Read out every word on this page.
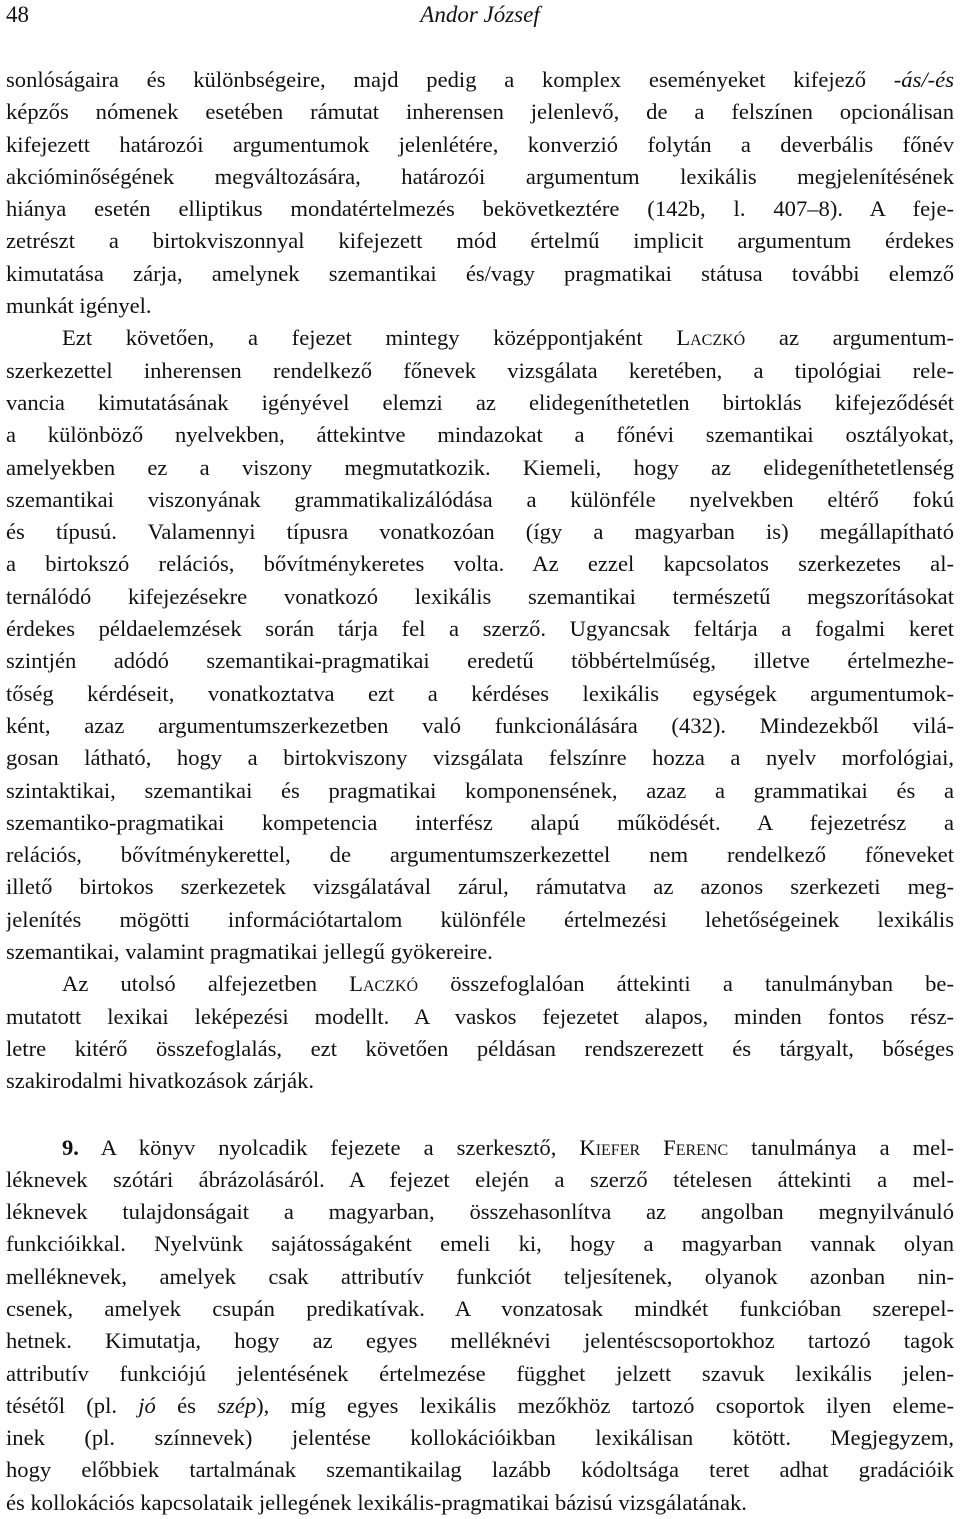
48	Andor József
sonlóságaira és különbségeire, majd pedig a komplex eseményeket kifejező -ás/-és
képzős nómenek esetében rámutat inherensen jelenlevő, de a felszínen opcionálisan
kifejezett határozói argumentumok jelenlétére, konverzió folytán a deverbális főnév
akcióminőségének megváltozására, határozói argumentum lexikális megjelenítésének
hiánya esetén elliptikus mondatértelmezés bekövetkeztére (142b, l. 407–8). A feje-
zetrészt a birtokviszonnyal kifejezett mód értelmű implicit argumentum érdekes
kimutatása zárja, amelynek szemantikai és/vagy pragmatikai státusa további elemző
munkát igényel.
Ezt követően, a fejezet mintegy középpontjaként Laczkó az argumentum-
szerkezettel inherensen rendelkező főnevek vizsgálata keretében, a tipológiai rele-
vancia kimutatásának igényével elemzi az elidegeníthetetlen birtoklás kifejeződését
a különböző nyelvekben, áttekintve mindazokat a főnévi szemantikai osztályokat,
amelyekben ez a viszony megmutatkozik. Kiemeli, hogy az elidegeníthetetlenség
szemantikai viszonyának grammatikalizálódása a különféle nyelvekben eltérő fokú
és típusú. Valamennyi típusra vonatkozóan (így a magyarban is) megállapítható
a birtokszó relációs, bővítménykeretes volta. Az ezzel kapcsolatos szerkezetes al-
ternálódó kifejezésekre vonatkozó lexikális szemantikai természetű megszorításokat
érdekes példaelemzések során tárja fel a szerző. Ugyancsak feltárja a fogalmi keret
szintjén adódó szemantikai-pragmatikai eredetű többértelműség, illetve értelmezhe-
tőség kérdéseit, vonatkoztatva ezt a kérdéses lexikális egységek argumentumok-
ként, azaz argumentumszerkezetben való funkcionálására (432). Mindezekből vilá-
gosan látható, hogy a birtokviszony vizsgálata felszínre hozza a nyelv morfológiai,
szintaktikai, szemantikai és pragmatikai komponensének, azaz a grammatikai és a
szemantiko-pragmatikai kompetencia interfész alapú működését. A fejezetrész a
relációs, bővítménykerettel, de argumentumszerkezettel nem rendelkező főneveket
illető birtokos szerkezetek vizsgálatával zárul, rámutatva az azonos szerkezeti meg-
jelenítés mögötti információtartalom különféle értelmezési lehetőségeinek lexikális
szemantikai, valamint pragmatikai jellegű gyökereire.
Az utolsó alfejezetben Laczkó összefoglalóan áttekinti a tanulmányban be-
mutatott lexikai leképezési modellt. A vaskos fejezetet alapos, minden fontos rész-
letre kitérő összefoglalás, ezt követően példásan rendszerezett és tárgyalt, bőséges
szakirodalmi hivatkozások zárják.
9. A könyv nyolcadik fejezete a szerkesztő, Kiefer Ferenc tanulmánya a mel-
léknevek szótári ábrázolásáról. A fejezet elején a szerző tételesen áttekinti a mel-
léknevek tulajdonságait a magyarban, összehasonlítva az angolban megnyilvánuló
funkcióikkal. Nyelvünk sajátosságaként emeli ki, hogy a magyarban vannak olyan
melléknevek, amelyek csak attributív funkciót teljesítenek, olyanok azonban nin-
csenek, amelyek csupán predikatívak. A vonzatosak mindkét funkcióban szerepel-
hetnek. Kimutatja, hogy az egyes melléknévi jelentéscsoportokhoz tartozó tagok
attributív funkciójú jelentésének értelmezése függhet jelzett szavuk lexikális jelen-
tésétől (pl. jó és szép), míg egyes lexikális mezőkhöz tartozó csoportok ilyen eleme-
inek (pl. színnevek) jelentése kollokációikban lexikálisan kötött. Megjegyzem,
hogy előbbiek tartalmának szemantikailag lazább kódoltsága teret adhat gradációik
és kollokációs kapcsolataik jellegének lexikális-pragmatikai bázisú vizsgálatának.
